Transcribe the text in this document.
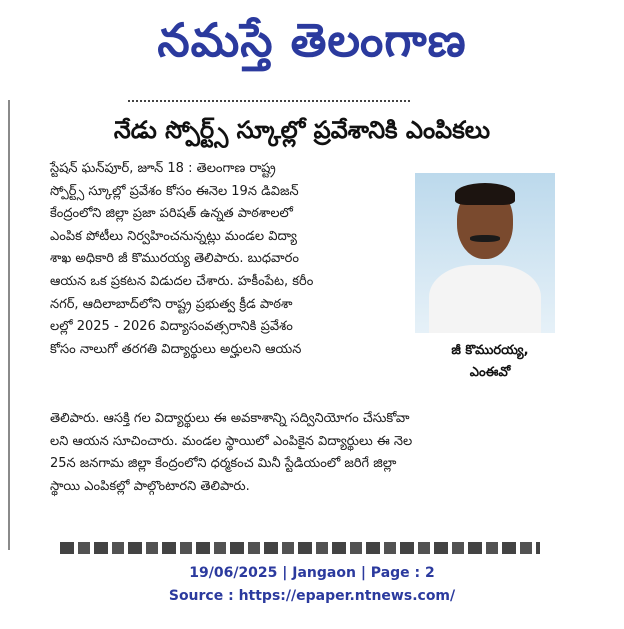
నమస్తే తెలంగాణ
నేడు స్పోర్ట్స్ స్కూల్లో ప్రవేశానికి ఎంపికలు
స్టేషన్ ఘన్‌పూర్, జూన్ 18 : తెలంగాణ రాష్ట్ర
స్పోర్ట్స్ స్కూల్లో ప్రవేశం కోసం ఈనెల 19న డివిజన్
కేంద్రంలోని జిల్లా ప్రజా పరిషత్ ఉన్నత పాఠశాలలో
ఎంపిక పోటీలు నిర్వహించనున్నట్లు మండల విద్యా
శాఖ అధికారి జీ కొమురయ్య తెలిపారు. బుధవారం
ఆయన ఒక ప్రకటన విడుదల చేశారు. హకీంపేట, కరీం
నగర్, ఆదిలాబాద్‌లోని రాష్ట్ర ప్రభుత్వ క్రీడ పాఠశా
లల్లో 2025 - 2026 విద్యాసంవత్సరానికి ప్రవేశం
కోసం నాలుగో తరగతి విద్యార్థులు అర్హులని ఆయన	జీ కొమురయ్య,
ఎంఈవో
తెలిపారు. ఆసక్తి గల విద్యార్థులు ఈ అవకాశాన్ని సద్వినియోగం చేసుకోవా
లని ఆయన సూచించారు. మండల స్థాయిలో ఎంపికైన విద్యార్థులు ఈ నెల
25న జనగామ జిల్లా కేంద్రంలోని ధర్మకంచ మినీ స్టేడియంలో జరిగే జిల్లా
స్థాయి ఎంపికల్లో పాల్గొంటారని తెలిపారు.
19/06/2025 | Jangaon | Page : 2
Source : https://epaper.ntnews.com/
